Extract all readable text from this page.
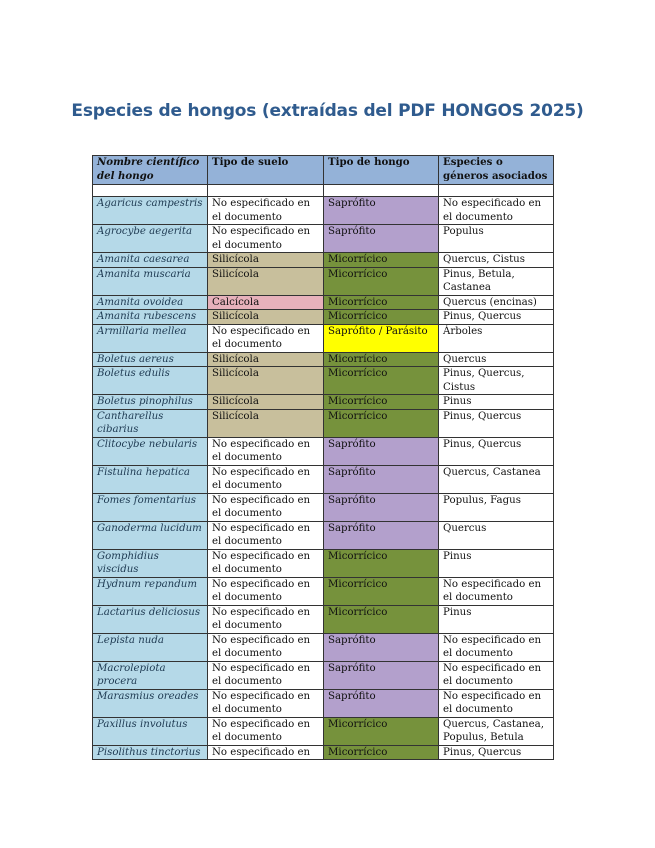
Especies de hongos (extraídas del PDF HONGOS 2025)
Nombre científico del hongo	Tipo de suelo	Tipo de hongo	Especies o géneros asociados

Agaricus campestris	No especificado en el documento	Saprófito	No especificado en el documento
Agrocybe aegerita	No especificado en el documento	Saprófito	Populus
Amanita caesarea	Silicícola	Micorrícico	Quercus, Cistus
Amanita muscaria	Silicícola	Micorrícico	Pinus, Betula, Castanea
Amanita ovoidea	Calcícola	Micorrícico	Quercus (encinas)
Amanita rubescens	Silicícola	Micorrícico	Pinus, Quercus
Armillaria mellea	No especificado en el documento	Saprófito / Parásito	Árboles
Boletus aereus	Silicícola	Micorrícico	Quercus
Boletus edulis	Silicícola	Micorrícico	Pinus, Quercus, Cistus
Boletus pinophilus	Silicícola	Micorrícico	Pinus
Cantharellus cibarius	Silicícola	Micorrícico	Pinus, Quercus
Clitocybe nebularis	No especificado en el documento	Saprófito	Pinus, Quercus
Fistulina hepatica	No especificado en el documento	Saprófito	Quercus, Castanea
Fomes fomentarius	No especificado en el documento	Saprófito	Populus, Fagus
Ganoderma lucidum	No especificado en el documento	Saprófito	Quercus
Gomphidius viscidus	No especificado en el documento	Micorrícico	Pinus
Hydnum repandum	No especificado en el documento	Micorrícico	No especificado en el documento
Lactarius deliciosus	No especificado en el documento	Micorrícico	Pinus
Lepista nuda	No especificado en el documento	Saprófito	No especificado en el documento
Macrolepiota procera	No especificado en el documento	Saprófito	No especificado en el documento
Marasmius oreades	No especificado en el documento	Saprófito	No especificado en el documento
Paxillus involutus	No especificado en el documento	Micorrícico	Quercus, Castanea, Populus, Betula
Pisolithus tinctorius	No especificado en	Micorrícico	Pinus, Quercus
